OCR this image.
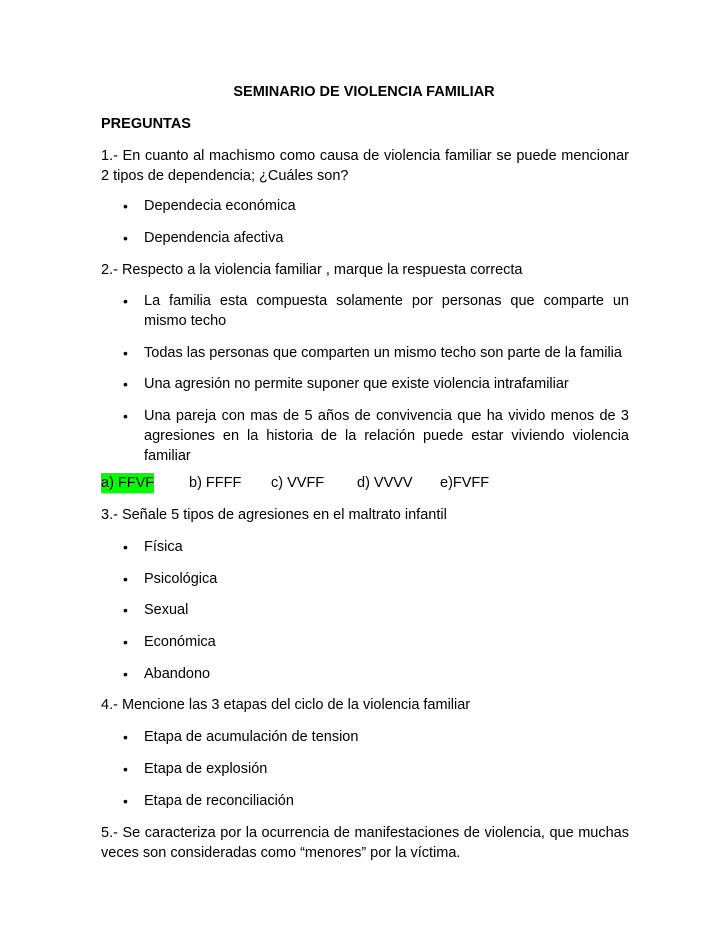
SEMINARIO DE VIOLENCIA FAMILIAR
PREGUNTAS
1.- En cuanto al machismo como causa de violencia familiar se puede mencionar 2 tipos de dependencia; ¿Cuáles son?
• Dependecia económica
• Dependencia afectiva
2.- Respecto a la violencia familiar , marque la respuesta correcta
• La familia esta compuesta solamente por personas que comparte un mismo techo
• Todas las personas que comparten un mismo techo son parte de la familia
• Una agresión no permite suponer que existe violencia intrafamiliar
• Una pareja con mas de 5 años de convivencia que ha vivido menos de 3 agresiones en la historia de la relación puede estar viviendo violencia familiar
a) FFVF b) FFFF c) VVFF d) VVVV e)FVFF
3.- Señale 5 tipos de agresiones en el maltrato infantil
• Física
• Psicológica
• Sexual
• Económica
• Abandono
4.- Mencione las 3 etapas del ciclo de la violencia familiar
• Etapa de acumulación de tension
• Etapa de explosión
• Etapa de reconciliación
5.- Se caracteriza por la ocurrencia de manifestaciones de violencia, que muchas veces son consideradas como “menores” por la víctima.
